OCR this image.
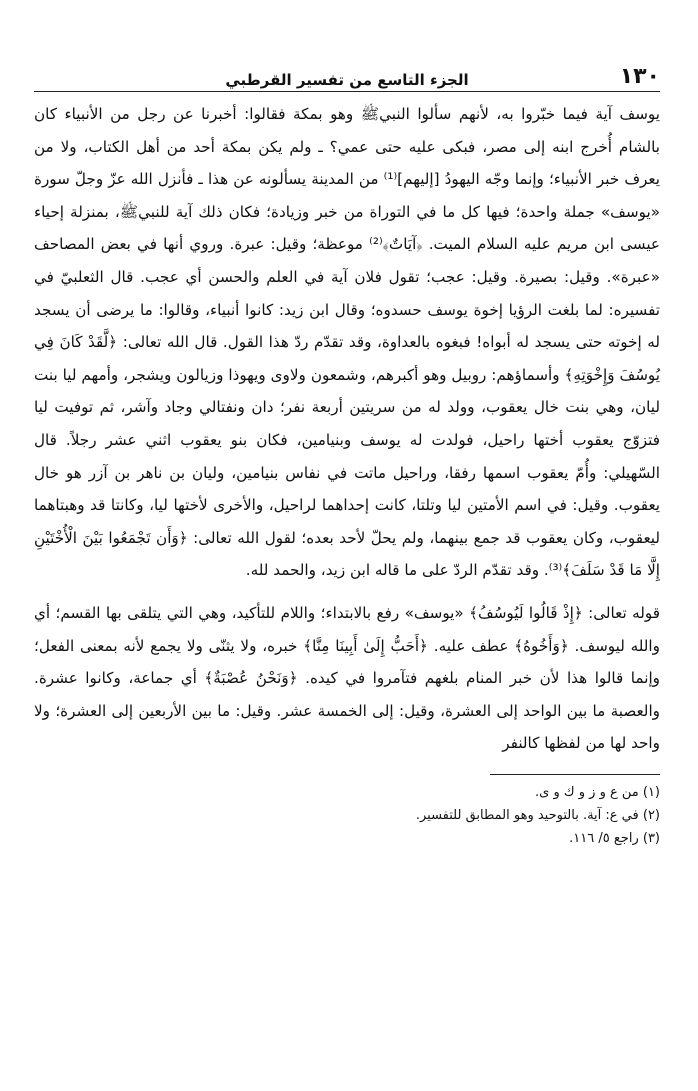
١٣٠
الجزء التاسع من تفسير القرطبي

يوسف آية فيما خبّروا به، لأنهم سألوا النبيﷺ وهو بمكة فقالوا: أخبرنا عن رجل من الأنبياء كان بالشام أُخرج ابنه إلى مصر، فبكى عليه حتى عمي؟ ـ ولم يكن بمكة أحد من أهل الكتاب، ولا من يعرف خبر الأنبياء؛ وإنما وجّه اليهودُ [إليهم]⁽¹⁾ من المدينة يسألونه عن هذا ـ فأنزل الله عزّ وجلّ سورة «يوسف» جملة واحدة؛ فيها كل ما في التوراة من خبر وزيادة؛ فكان ذلك آية للنبيﷺ، بمنزلة إحياء عيسى ابن مريم عليه السلام الميت. ﴿آيَاتٌ﴾⁽²⁾ موعظة؛ وقيل: عبرة. وروي أنها في بعض المصاحف «عبرة». وقيل: بصيرة. وقيل: عجب؛ تقول فلان آية في العلم والحسن أي عجب. قال الثعلبيّ في تفسيره: لما بلغت الرؤيا إخوة يوسف حسدوه؛ وقال ابن زيد: كانوا أنبياء، وقالوا: ما يرضى أن يسجد له إخوته حتى يسجد له أبواه! فبغوه بالعداوة، وقد تقدّم ردّ هذا القول. قال الله تعالى: ﴿لَّقَدْ كَانَ فِي يُوسُفَ وَإِخْوَتِهِ﴾ وأسماؤهم: روبيل وهو أكبرهم، وشمعون ولاوى ويهوذا وزيالون ويشجر، وأمهم ليا بنت ليان، وهي بنت خال يعقوب، وولد له من سريتين أربعة نفر؛ دان ونفتالي وجاد وآشر، ثم توفيت ليا فتزوّج يعقوب أختها راحيل، فولدت له يوسف وبنيامين، فكان بنو يعقوب اثني عشر رجلاً. قال السّهيلي: وأُمّ يعقوب اسمها رفقا، وراحيل ماتت في نفاس بنيامين، وليان بن ناهر بن آزر هو خال يعقوب. وقيل: في اسم الأمتين ليا وتلتا، كانت إحداهما لراحيل، والأخرى لأختها ليا، وكانتا قد وهبتاهما ليعقوب، وكان يعقوب قد جمع بينهما، ولم يحلّ لأحد بعده؛ لقول الله تعالى: ﴿وَأَن تَجْمَعُوا بَيْنَ الْأُخْتَيْنِ إِلَّا مَا قَدْ سَلَفَ﴾⁽³⁾. وقد تقدّم الردّ على ما قاله ابن زيد، والحمد لله.

قوله تعالى: ﴿إِذْ قَالُوا لَيُوسُفُ﴾ «يوسف» رفع بالابتداء؛ واللام للتأكيد، وهي التي يتلقى بها القسم؛ أي والله ليوسف. ﴿وَأَخُوهُ﴾ عطف عليه. ﴿أَحَبُّ إِلَىٰ أَبِينَا مِنَّا﴾ خبره، ولا يثنّى ولا يجمع لأنه بمعنى الفعل؛ وإنما قالوا هذا لأن خبر المنام بلغهم فتآمروا في كيده. ﴿وَنَحْنُ عُصْبَةٌ﴾ أي جماعة، وكانوا عشرة. والعصبة ما بين الواحد إلى العشرة، وقيل: إلى الخمسة عشر. وقيل: ما بين الأربعين إلى العشرة؛ ولا واحد لها من لفظها كالنفر

(١) من ع و ز و ك و ى.

(٢) في ع: آية. بالتوحيد وهو المطابق للتفسير.

(٣) راجع ٥/ ١١٦.
